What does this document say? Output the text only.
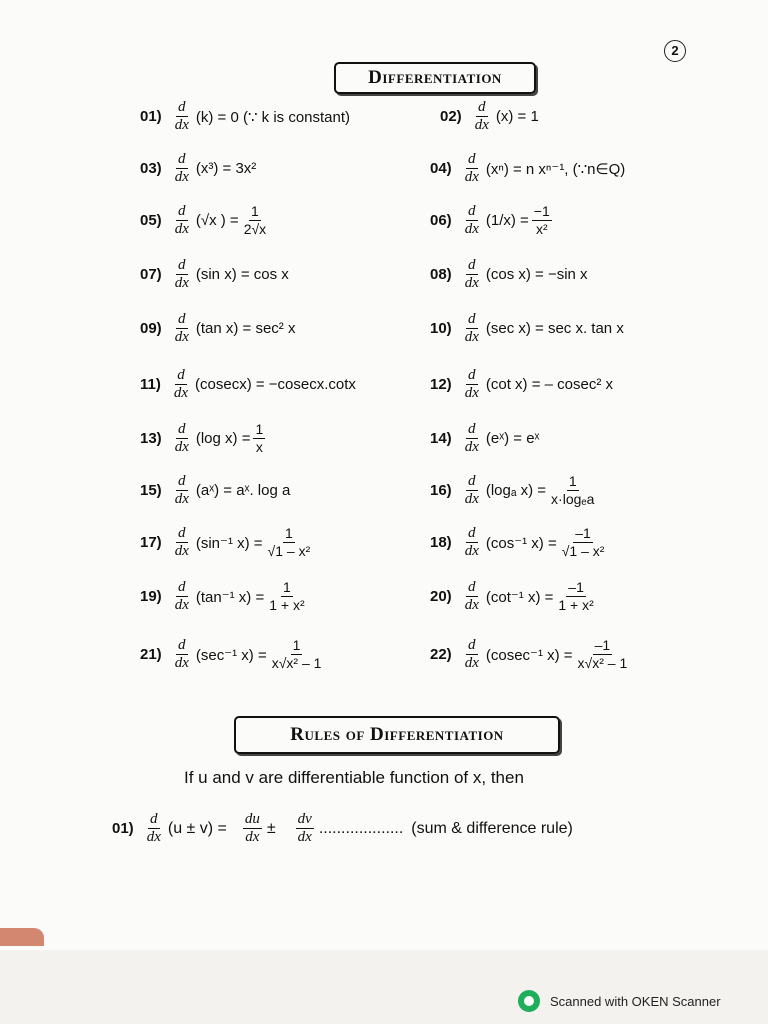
2
Differentiation
$01) \frac{d}{dx} (k) = 0$ (∵ k is constant)	$02) \frac{d}{dx} (x) = 1$
$03) \frac{d}{dx} (x^3) = 3x^2$	$04) \frac{d}{dx} (x^n) = n$ xⁿ⁻¹, (∵n∈Q)
$05) \frac{d}{dx} (√x$ ) = $\frac{1}{2√x}$	$06) \frac{d}{dx} (1/x) = \frac{-1}{\text{x²}}$
$07) \frac{d}{dx} (\sin$ x) = cos x	$08) \frac{d}{dx} (\cos$ x) = −sin x
$09) \frac{d}{dx} (\tan$ x) = sec² x	$10) \frac{d}{dx} (\sec$ x) = sec x. tan x
$11) \frac{d}{dx} (cosecx) = -cosecx.\cot x$	$12) \frac{d}{dx} (\cot$ x) = – cosec² x
$13) \frac{d}{dx} (\log$ $x) = \frac{1}{x}$	$14) \frac{d}{dx}$ (eˣ) = eˣ
$15) \frac{d}{dx}$ (aˣ) = aˣ. log a	$16) \frac{d}{dx} (\log_a$ $x) = \frac{1}{\text{x·logₑa}}$
$17) \frac{d}{dx} (\sin^{-1}$ $x) = \frac{1}{\text{√1 – x²}}$	$18) \frac{d}{dx} (\cos^{-1}$ $x) = \frac{-1}{\text{√1 – x²}}$
$19) \frac{d}{dx} (\tan^{-1}$ $x) = \frac{1}{\text{1 + x²}}$	$20) \frac{d}{dx} (\cot^{-1}$ $x) = \frac{-1}{\text{1 + x²}}$
$21) \frac{d}{dx} (\sec^{-1}$ $x) = \frac{1}{\text{x√x² – 1}}$	$22) \frac{d}{dx} (cosec^{-1}$ $x) = \frac{-1}{\text{x√x² – 1}}$
Rules of Differentiation
If u and v are differentiable function of x, then
$01) \frac{d}{dx} (u \pm v) = \frac{du}{dx} \pm \frac{dv}{dx}$ ................... (sum & difference rule)
Scanned with OKEN Scanner
